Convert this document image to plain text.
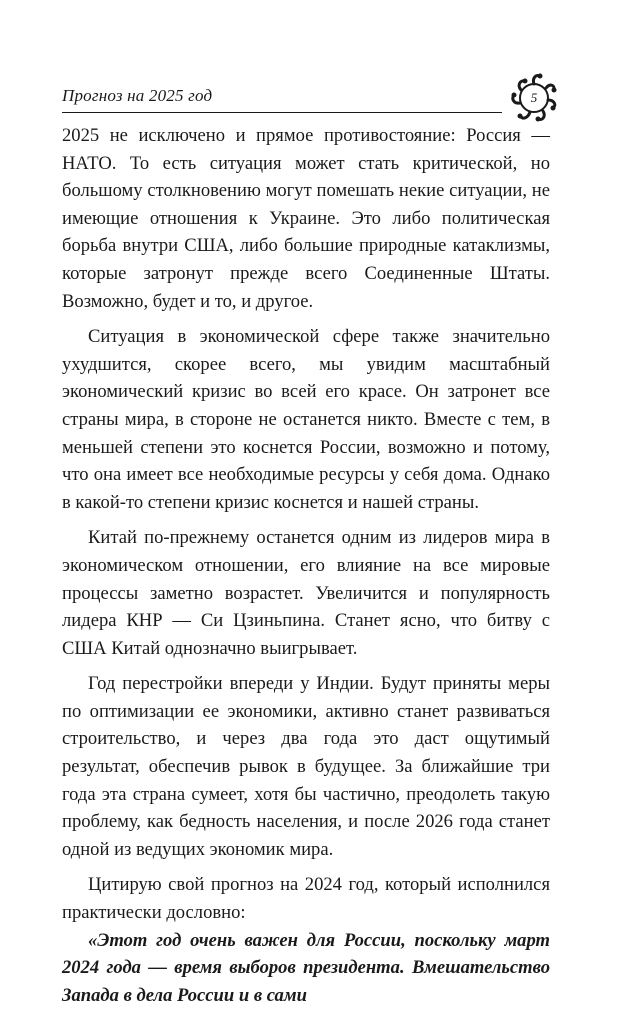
Прогноз на 2025 год	5

2025 не исключено и прямое противостояние: Россия — НАТО. То есть ситуация может стать критической, но большому столкновению могут помешать некие ситуации, не имеющие отношения к Украине. Это либо политическая борьба внутри США, либо большие природные катаклизмы, которые затронут прежде всего Соединенные Штаты. Возможно, будет и то, и другое.

Ситуация в экономической сфере также значительно ухудшится, скорее всего, мы увидим масштабный экономический кризис во всей его красе. Он затронет все страны мира, в стороне не останется никто. Вместе с тем, в меньшей степени это коснется России, возможно и потому, что она имеет все необходимые ресурсы у себя дома. Однако в какой-то степени кризис коснется и нашей страны.

Китай по-прежнему останется одним из лидеров мира в экономическом отношении, его влияние на все мировые процессы заметно возрастет. Увеличится и популярность лидера КНР — Си Цзиньпина. Станет ясно, что битву с США Китай однозначно выигрывает.

Год перестройки впереди у Индии. Будут приняты меры по оптимизации ее экономики, активно станет развиваться строительство, и через два года это даст ощутимый результат, обеспечив рывок в будущее. За ближайшие три года эта страна сумеет, хотя бы частично, преодолеть такую проблему, как бедность населения, и после 2026 года станет одной из ведущих экономик мира.

Цитирую свой прогноз на 2024 год, который исполнился практически дословно:

«Этот год очень важен для России, поскольку март 2024 года — время выборов президента. Вмешательство Запада в дела России и в сами
